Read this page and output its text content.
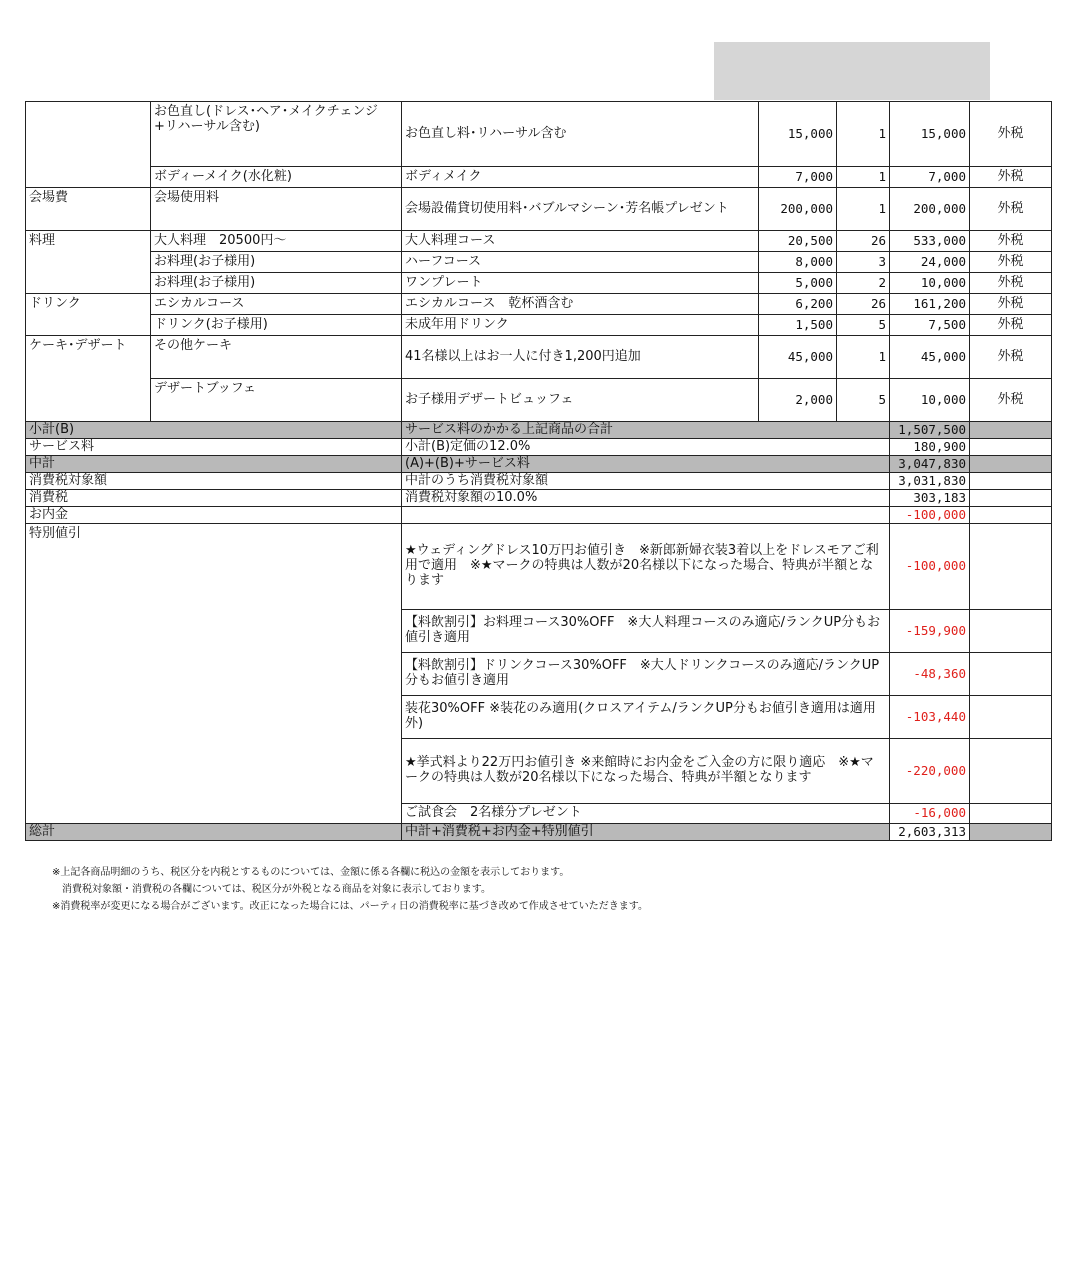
	お色直し(ドレス･ヘア･メイクチェンジ+リハーサル含む)	お色直し料･リハーサル含む	15,000	1	15,000	外税
	ボディーメイク(水化粧)	ボディメイク	7,000	1	7,000	外税
会場費	会場使用料	会場設備貸切使用料･バブルマシーン･芳名帳プレゼント	200,000	1	200,000	外税
料理	大人料理　20500円～	大人料理コース	20,500	26	533,000	外税
	お料理(お子様用)	ハーフコース	8,000	3	24,000	外税
	お料理(お子様用)	ワンプレート	5,000	2	10,000	外税
ドリンク	エシカルコース	エシカルコース　乾杯酒含む	6,200	26	161,200	外税
	ドリンク(お子様用)	未成年用ドリンク	1,500	5	7,500	外税
ケーキ･デザート	その他ケーキ	41名様以上はお一人に付き1,200円追加	45,000	1	45,000	外税
	デザートブッフェ	お子様用デザートビュッフェ	2,000	5	10,000	外税
小計(B)		サービス料のかかる上記商品の合計			1,507,500	
サービス料		小計(B)定価の12.0%			180,900	
中計		(A)+(B)+サービス料			3,047,830	
消費税対象額		中計のうち消費税対象額			3,031,830	
消費税		消費税対象額の10.0%			303,183	
お内金					-100,000	
特別値引		★ウェディングドレス10万円お値引き　※新郎新婦衣装3着以上をドレスモアご利用で適用　※★マークの特典は人数が20名様以下になった場合、特典が半額となります			-100,000	
		【料飲割引】お料理コース30%OFF　※大人料理コースのみ適応/ランクUP分もお値引き適用			-159,900	
		【料飲割引】ドリンクコース30%OFF　※大人ドリンクコースのみ適応/ランクUP分もお値引き適用			-48,360	
		装花30%OFF ※装花のみ適用(クロスアイテム/ランクUP分もお値引き適用は適用外)			-103,440	
		★挙式料より22万円お値引き ※来館時にお内金をご入金の方に限り適応　※★マークの特典は人数が20名様以下になった場合、特典が半額となります			-220,000	
		ご試食会　2名様分プレゼント			-16,000	
総計		中計+消費税+お内金+特別値引			2,603,313	
※上記各商品明細のうち、税区分を内税とするものについては、金額に係る各欄に税込の金額を表示しております。
　消費税対象額・消費税の各欄については、税区分が外税となる商品を対象に表示しております。
※消費税率が変更になる場合がございます。改正になった場合には、パーティ日の消費税率に基づき改めて作成させていただきます。
